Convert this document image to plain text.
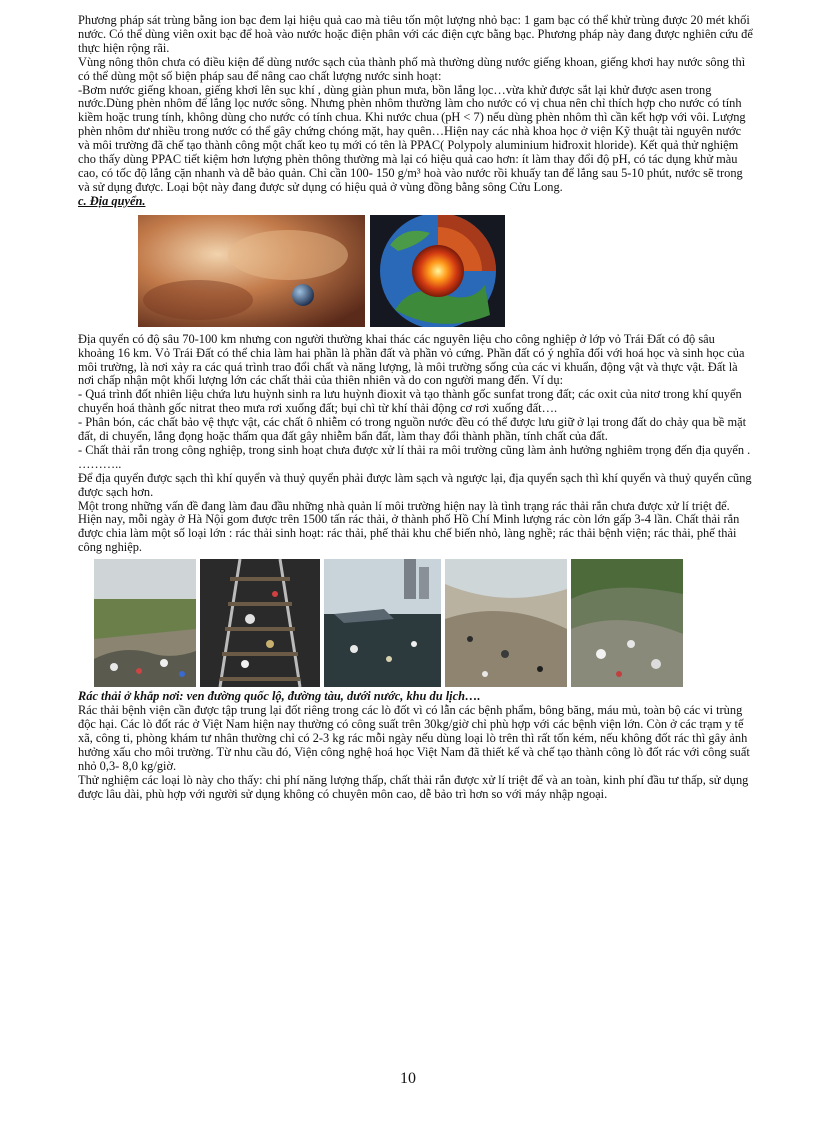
Phương pháp sát trùng bằng ion bạc đem lại hiệu quả cao mà tiêu tốn một lượng nhỏ bạc: 1 gam bạc có thể khử trùng được 20 mét khối nước. Có thể dùng viên oxit bạc để hoà vào nước hoặc điện phân với các điện cực bằng bạc. Phương pháp này đang được nghiên cứu để thực hiện rộng rãi.

Vùng nông thôn chưa có điều kiện để dùng nước sạch của thành phố mà thường dùng nước giếng khoan, giếng khơi hay nước sông thì có thể dùng một số biện pháp sau để nâng cao chất lượng nước sinh hoạt:

-Bơm nước giếng khoan, giếng khơi lên sục khí , dùng giàn phun mưa, bồn lắng lọc…vừa khử được sắt lại khử được asen trong nước.Dùng phèn nhôm để lắng lọc nước sông. Nhưng phèn nhôm thường làm cho nước có vị chua nên chỉ thích hợp cho nước có tính kiềm hoặc trung tính, không dùng cho nước có tính chua. Khi nước chua (pH < 7) nếu dùng phèn nhôm thì cần kết hợp với vôi. Lượng phèn nhôm dư nhiều trong nước có thể gây chứng chóng mặt, hay quên…Hiện nay các nhà khoa học ở viện Kỹ thuật tài nguyên nước và môi trường đã chế tạo thành công một chất keo tụ mới có tên là PPAC( Polypoly aluminium hiđroxit hloride). Kết quả thử nghiệm cho thấy dùng PPAC tiết kiệm hơn lượng phèn thông thường mà lại có hiệu quả cao hơn: ít làm thay đổi độ pH, có tác dụng khử màu cao, có tốc độ lắng cặn nhanh và dễ bảo quản. Chỉ cần 100- 150 g/m³ hoà vào nước rồi khuấy tan để lắng sau 5-10 phút, nước sẽ trong và sử dụng được. Loại bột này đang được sử dụng có hiệu quả ở vùng đồng bằng sông Cửu Long.

c. Địa quyển.

Địa quyển có độ sâu 70-100 km nhưng con người thường khai thác các nguyên liệu cho công nghiệp ở lớp vỏ Trái Đất có độ sâu khoảng 16 km. Vỏ Trái Đất có thể chia làm hai phần là phần đất và phần vỏ cứng. Phần đất có ý nghĩa đối với hoá học và sinh học của môi trường, là nơi xảy ra các quá trình trao đổi chất và năng lượng, là môi trường sống của các vi khuẩn, động vật và thực vật. Đất là nơi chấp nhận một khối lượng lớn các chất thải của thiên nhiên và do con người mang đến. Ví dụ:

- Quá trình đốt nhiên liệu chứa lưu huỳnh sinh ra lưu huỳnh đioxit và tạo thành gốc sunfat trong đất; các oxit của nitơ trong khí quyển chuyển hoá thành gốc nitrat theo mưa rơi xuống đất; bụi chì từ khí thải động cơ rơi xuống đất….

- Phân bón, các chất bảo vệ thực vật, các chất ô nhiễm có trong nguồn nước đều có thể được lưu giữ ở lại trong đất do chảy qua bề mặt đất, di chuyển, lắng đọng hoặc thấm qua đất gây nhiễm bẩn đất, làm thay đổi thành phần, tính chất của đất.

- Chất thải rắn trong công nghiệp, trong sinh hoạt chưa được xử lí thải ra môi trường cũng làm ảnh hưởng nghiêm trọng đến địa quyển .

………..

Để địa quyển được sạch thì khí quyển và thuỷ quyển phải được làm sạch và ngược lại, địa quyển sạch thì khí quyển và thuỷ quyển cũng được sạch hơn.

Một trong những vấn đề đang làm đau đầu những nhà quản lí môi trường hiện nay là tình trạng rác thải rắn chưa được xử lí triệt để. Hiện nay, mỗi ngày ở Hà Nội gom được trên 1500 tấn rác thải, ở thành phố Hồ Chí Minh lượng rác còn lớn gấp 3-4 lần. Chất thải rắn được chia làm một số loại lớn : rác thải sinh hoạt: rác thải, phế thải khu chế biến nhỏ, làng nghề; rác thải bệnh viện; rác thải, phế thải công nghiệp.

Rác thải ở khắp nơi: ven đường quốc lộ, đường tàu, dưới nước, khu du lịch….

Rác thải bệnh viện cần được tập trung lại đốt riêng trong các lò đốt vì có lẫn các bệnh phẩm, bông băng, máu mủ, toàn bộ các vi trùng độc hại. Các lò đốt rác ở Việt Nam hiện nay thường có công suất trên 30kg/giờ chỉ phù hợp với các bệnh viện lớn. Còn ở các trạm y tế xã, công ti, phòng khám tư nhân thường chỉ có 2-3 kg rác mỗi ngày nếu dùng loại lò trên thì rất tốn kém, nếu không đốt rác thì gây ảnh hưởng xấu cho môi trường. Từ nhu cầu đó, Viện công nghệ hoá học Việt Nam đã thiết kế và chế tạo thành công lò đốt rác với công suất nhỏ 0,3- 8,0 kg/giờ.

Thử nghiệm các loại lò này cho thấy: chi phí năng lượng thấp, chất thải rắn được xử lí triệt để và an toàn, kinh phí đầu tư thấp, sử dụng được lâu dài, phù hợp với người sử dụng không có chuyên môn cao, dễ bảo trì hơn so với máy nhập ngoại.

10
